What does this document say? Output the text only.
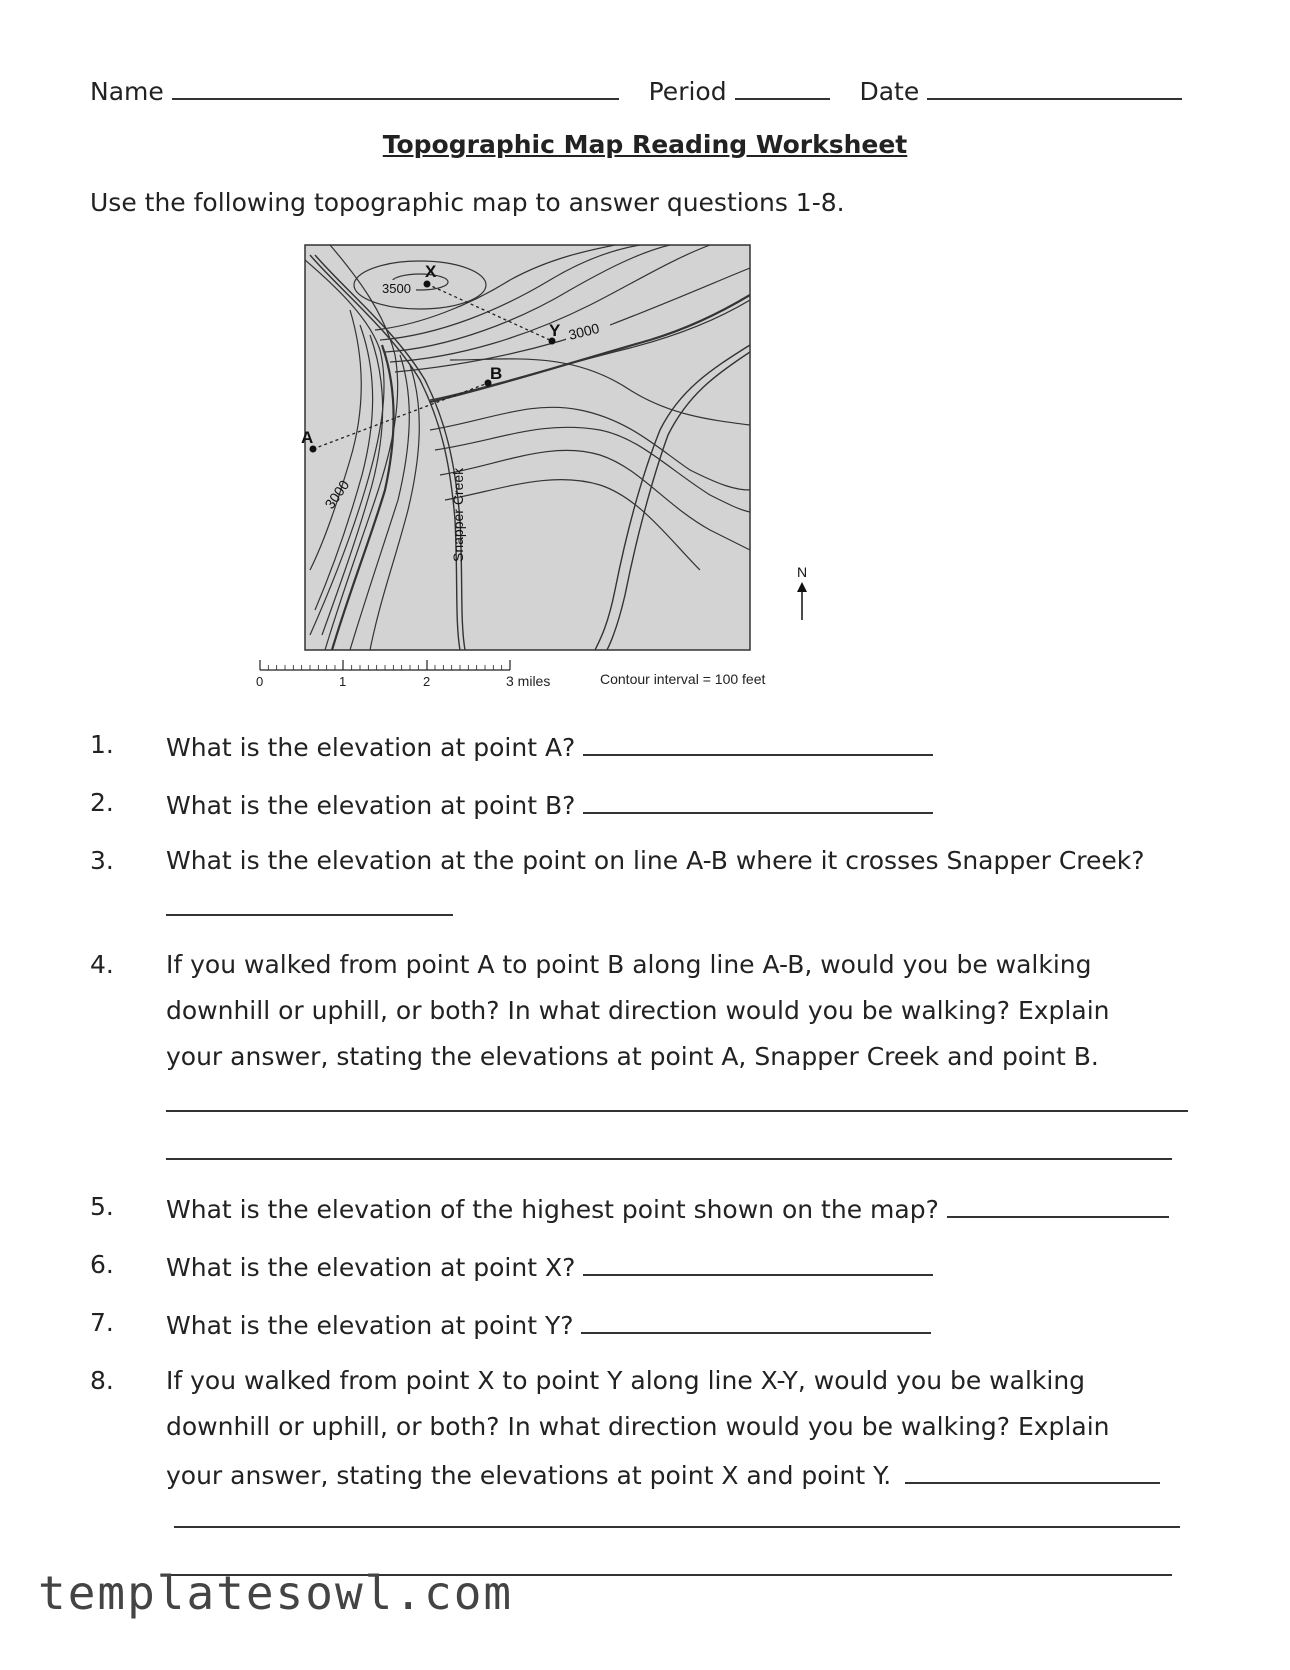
Name	Period	Date
Topographic Map Reading Worksheet
Use the following topographic map to answer questions 1-8.
X
Y
A
B
3500
3000
3000	Snapper Creek
N
0	1	2	3 miles	Contour interval = 100 feet
1. What is the elevation at point A?
2. What is the elevation at point B?
3. What is the elevation at the point on line A-B where it crosses Snapper Creek?
4. If you walked from point A to point B along line A-B, would you be walking
downhill or uphill, or both? In what direction would you be walking? Explain
your answer, stating the elevations at point A, Snapper Creek and point B.
5. What is the elevation of the highest point shown on the map?
6. What is the elevation at point X?
7. What is the elevation at point Y?
8. If you walked from point X to point Y along line X-Y, would you be walking
downhill or uphill, or both? In what direction would you be walking? Explain
your answer, stating the elevations at point X and point Y.
templatesowl.com
